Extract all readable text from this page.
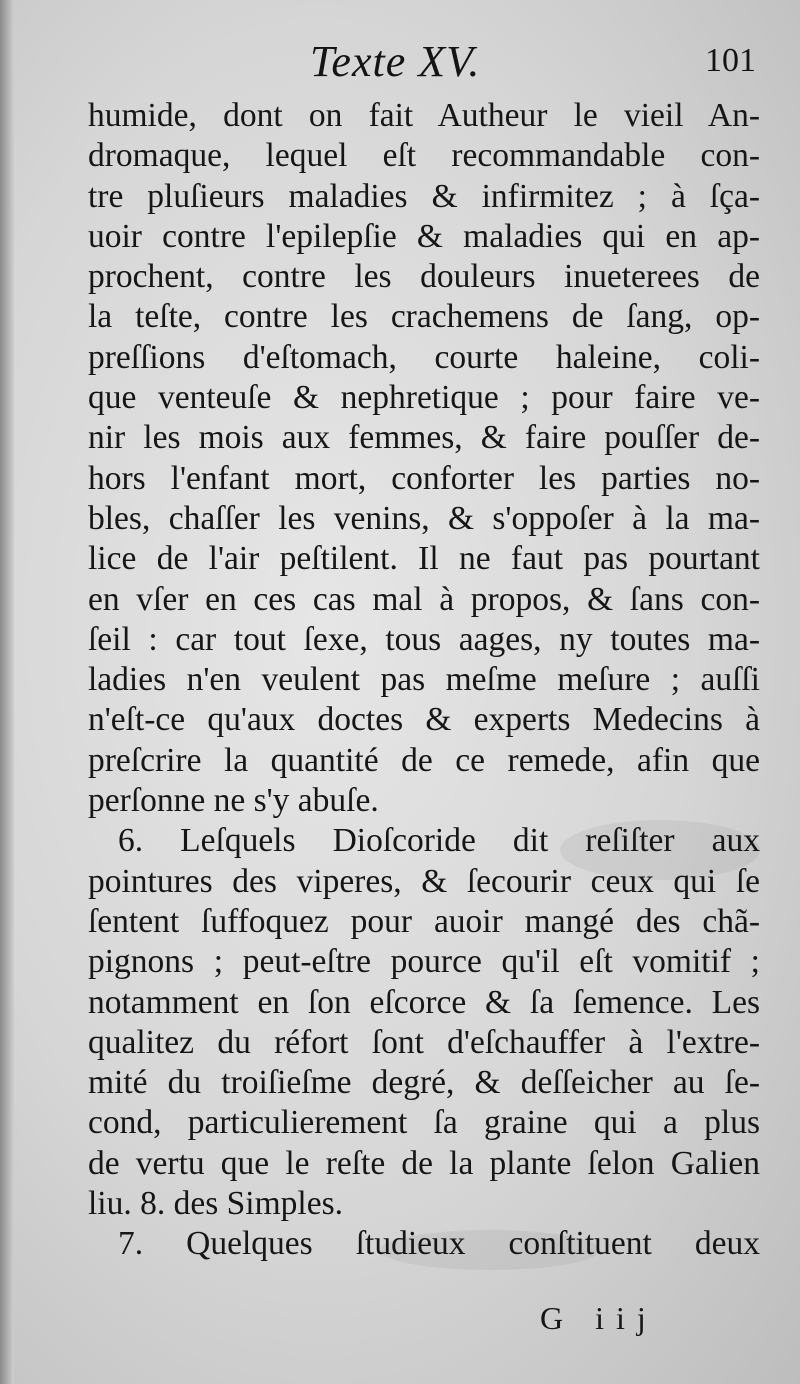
Texte XV.	101
humide, dont on fait Autheur le vieil An-
dromaque, lequel eſt recommandable con-
tre pluſieurs maladies & infirmitez ; à ſça-
uoir contre l'epilepſie & maladies qui en ap-
prochent, contre les douleurs inueterees de
la teſte, contre les crachemens de ſang, op-
preſſions d'eſtomach, courte haleine, coli-
que venteuſe & nephretique ; pour faire ve-
nir les mois aux femmes, & faire pouſſer de-
hors l'enfant mort, conforter les parties no-
bles, chaſſer les venins, & s'oppoſer à la ma-
lice de l'air peſtilent. Il ne faut pas pourtant
en vſer en ces cas mal à propos, & ſans con-
ſeil : car tout ſexe, tous aages, ny toutes ma-
ladies n'en veulent pas meſme meſure ; auſſi
n'eſt-ce qu'aux doctes & experts Medecins à
preſcrire la quantité de ce remede, afin que
perſonne ne s'y abuſe.
6. Leſquels Dioſcoride dit reſiſter aux
pointures des viperes, & ſecourir ceux qui ſe
ſentent ſuffoquez pour auoir mangé des chã-
pignons ; peut-eſtre pource qu'il eſt vomitif ;
notamment en ſon eſcorce & ſa ſemence. Les
qualitez du réfort ſont d'eſchauffer à l'extre-
mité du troiſieſme degré, & deſſeicher au ſe-
cond, particulierement ſa graine qui a plus
de vertu que le reſte de la plante ſelon Galien
liu. 8. des Simples.
7. Quelques ſtudieux conſtituent deux
G iij
